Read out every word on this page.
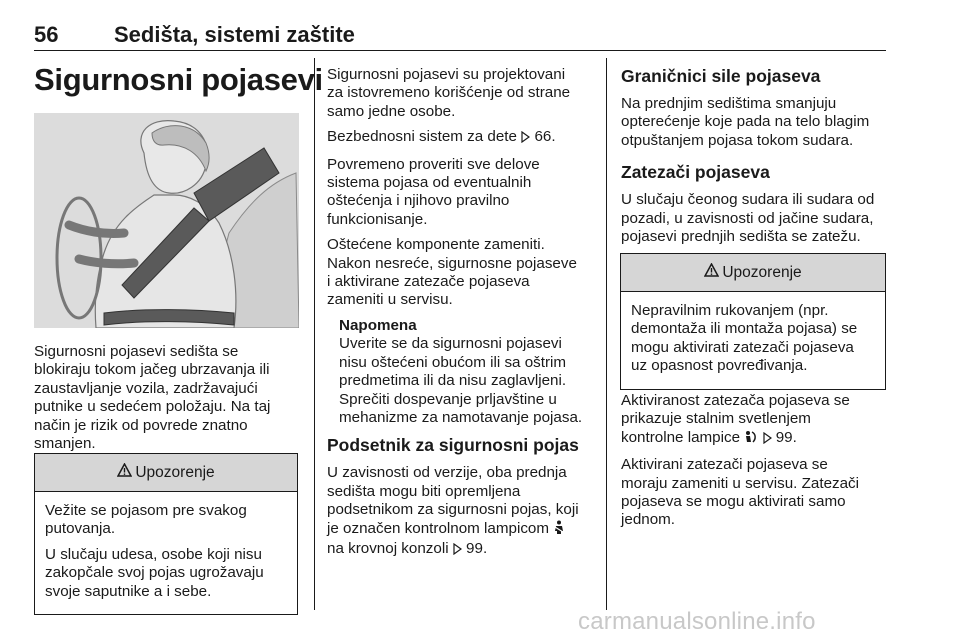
56	Sedišta, sistemi zaštite
Sigurnosni pojasevi

Sigurnosni pojasevi sedišta se
blokiraju tokom jačeg ubrzavanja ili
zaustavljanje vozila, zadržavajući
putnike u sedećem položaju. Na taj
način je rizik od povrede znatno
smanjen.

Upozorenje

Vežite se pojasom pre svakog
putovanja.

U slučaju udesa, osobe koji nisu
zakopčale svoj pojas ugrožavaju
svoje saputnike a i sebe.

Sigurnosni pojasevi su projektovani
za istovremeno korišćenje od strane
samo jedne osobe.

Bezbednosni sistem za dete 66.

Povremeno proveriti sve delove
sistema pojasa od eventualnih
oštećenja i njihovo pravilno
funkcionisanje.

Oštećene komponente zameniti.
Nakon nesreće, sigurnosne pojaseve
i aktivirane zatezače pojaseva
zameniti u servisu.

Napomena
Uverite se da sigurnosni pojasevi
nisu oštećeni obućom ili sa oštrim
predmetima ili da nisu zaglavljeni.
Sprečiti dospevanje prljavštine u
mehanizme za namotavanje pojasa.
Podsetnik za sigurnosni pojas

U zavisnosti od verzije, oba prednja
sedišta mogu biti opremljena
podsetnikom za sigurnosni pojas, koji
je označen kontrolnom lampicom
na krovnoj konzoli 99.

Graničnici sile pojaseva

Na prednjim sedištima smanjuju
opterećenje koje pada na telo blagim
otpuštanjem pojasa tokom sudara.

Zatezači pojaseva

U slučaju čeonog sudara ili sudara od
pozadi, u zavisnosti od jačine sudara,
pojasevi prednjih sedišta se zatežu.

Upozorenje

Nepravilnim rukovanjem (npr.
demontaža ili montaža pojasa) se
mogu aktivirati zatezači pojaseva
uz opasnost povređivanja.

Aktiviranost zatezača pojaseva se
prikazuje stalnim svetlenjem
kontrolne lampice 99.

Aktivirani zatezači pojaseva se
moraju zameniti u servisu. Zatezači
pojaseva se mogu aktivirati samo
jednom.

carmanualsonline.info
